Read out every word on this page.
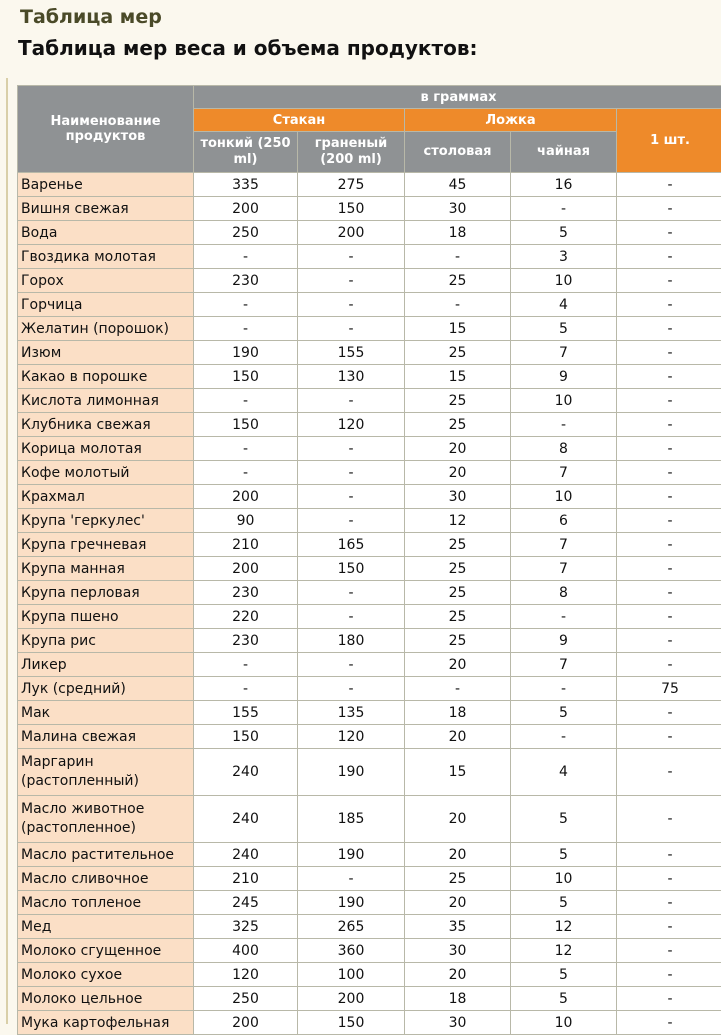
Таблица мер
Таблица мер веса и объема продуктов:
Наименование продуктов	в граммах				
	Стакан		Ложка		1 шт.
	тонкий (250 ml)	граненый (200 ml)	столовая	чайная	
Варенье	335	275	45	16	-
Вишня свежая	200	150	30	-	-
Вода	250	200	18	5	-
Гвоздика молотая	-	-	-	3	-
Горох	230	-	25	10	-
Горчица	-	-	-	4	-
Желатин (порошок)	-	-	15	5	-
Изюм	190	155	25	7	-
Какао в порошке	150	130	15	9	-
Кислота лимонная	-	-	25	10	-
Клубника свежая	150	120	25	-	-
Корица молотая	-	-	20	8	-
Кофе молотый	-	-	20	7	-
Крахмал	200	-	30	10	-
Крупа 'геркулес'	90	-	12	6	-
Крупа гречневая	210	165	25	7	-
Крупа манная	200	150	25	7	-
Крупа перловая	230	-	25	8	-
Крупа пшено	220	-	25	-	-
Крупа рис	230	180	25	9	-
Ликер	-	-	20	7	-
Лук (средний)	-	-	-	-	75
Мак	155	135	18	5	-
Малина свежая	150	120	20	-	-
Маргарин (растопленный)	240	190	15	4	-
Масло животное (растопленное)	240	185	20	5	-
Масло растительное	240	190	20	5	-
Масло сливочное	210	-	25	10	-
Масло топленое	245	190	20	5	-
Мед	325	265	35	12	-
Молоко сгущенное	400	360	30	12	-
Молоко сухое	120	100	20	5	-
Молоко цельное	250	200	18	5	-
Мука картофельная	200	150	30	10	-
